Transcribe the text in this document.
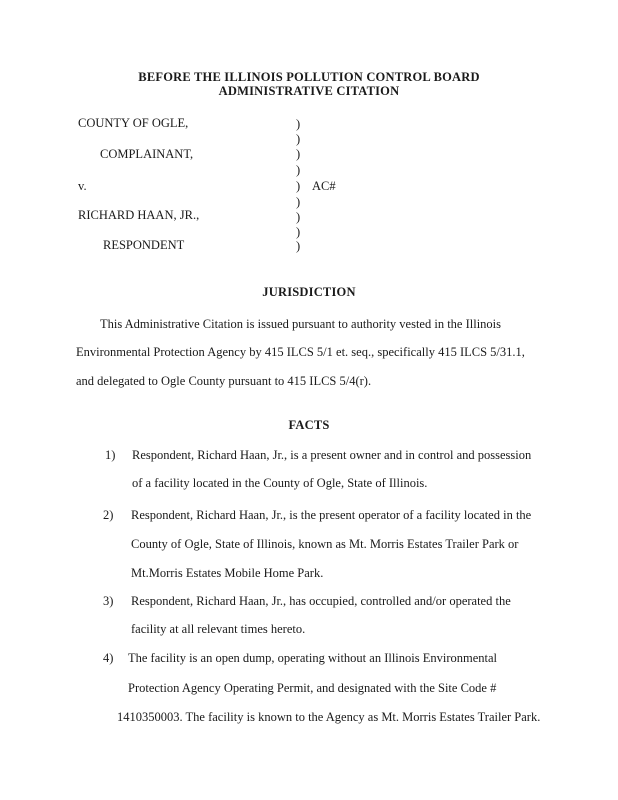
BEFORE THE ILLINOIS POLLUTION CONTROL BOARD
ADMINISTRATIVE CITATION
COUNTY OF OGLE,
COMPLAINANT,
v.	AC#
RICHARD HAAN, JR.,
RESPONDENT
)
)
)
)
)
)
)
)
)
JURISDICTION
This Administrative Citation is issued pursuant to authority vested in the Illinois
Environmental Protection Agency by 415 ILCS 5/1 et. seq., specifically 415 ILCS 5/31.1,
and delegated to Ogle County pursuant to 415 ILCS 5/4(r).
FACTS
1) Respondent, Richard Haan, Jr., is a present owner and in control and possession
of a facility located in the County of Ogle, State of Illinois.
2) Respondent, Richard Haan, Jr., is the present operator of a facility located in the
County of Ogle, State of Illinois, known as Mt. Morris Estates Trailer Park or
Mt.Morris Estates Mobile Home Park.
3) Respondent, Richard Haan, Jr., has occupied, controlled and/or operated the
facility at all relevant times hereto.
4) The facility is an open dump, operating without an Illinois Environmental
Protection Agency Operating Permit, and designated with the Site Code #
1410350003. The facility is known to the Agency as Mt. Morris Estates Trailer Park.
